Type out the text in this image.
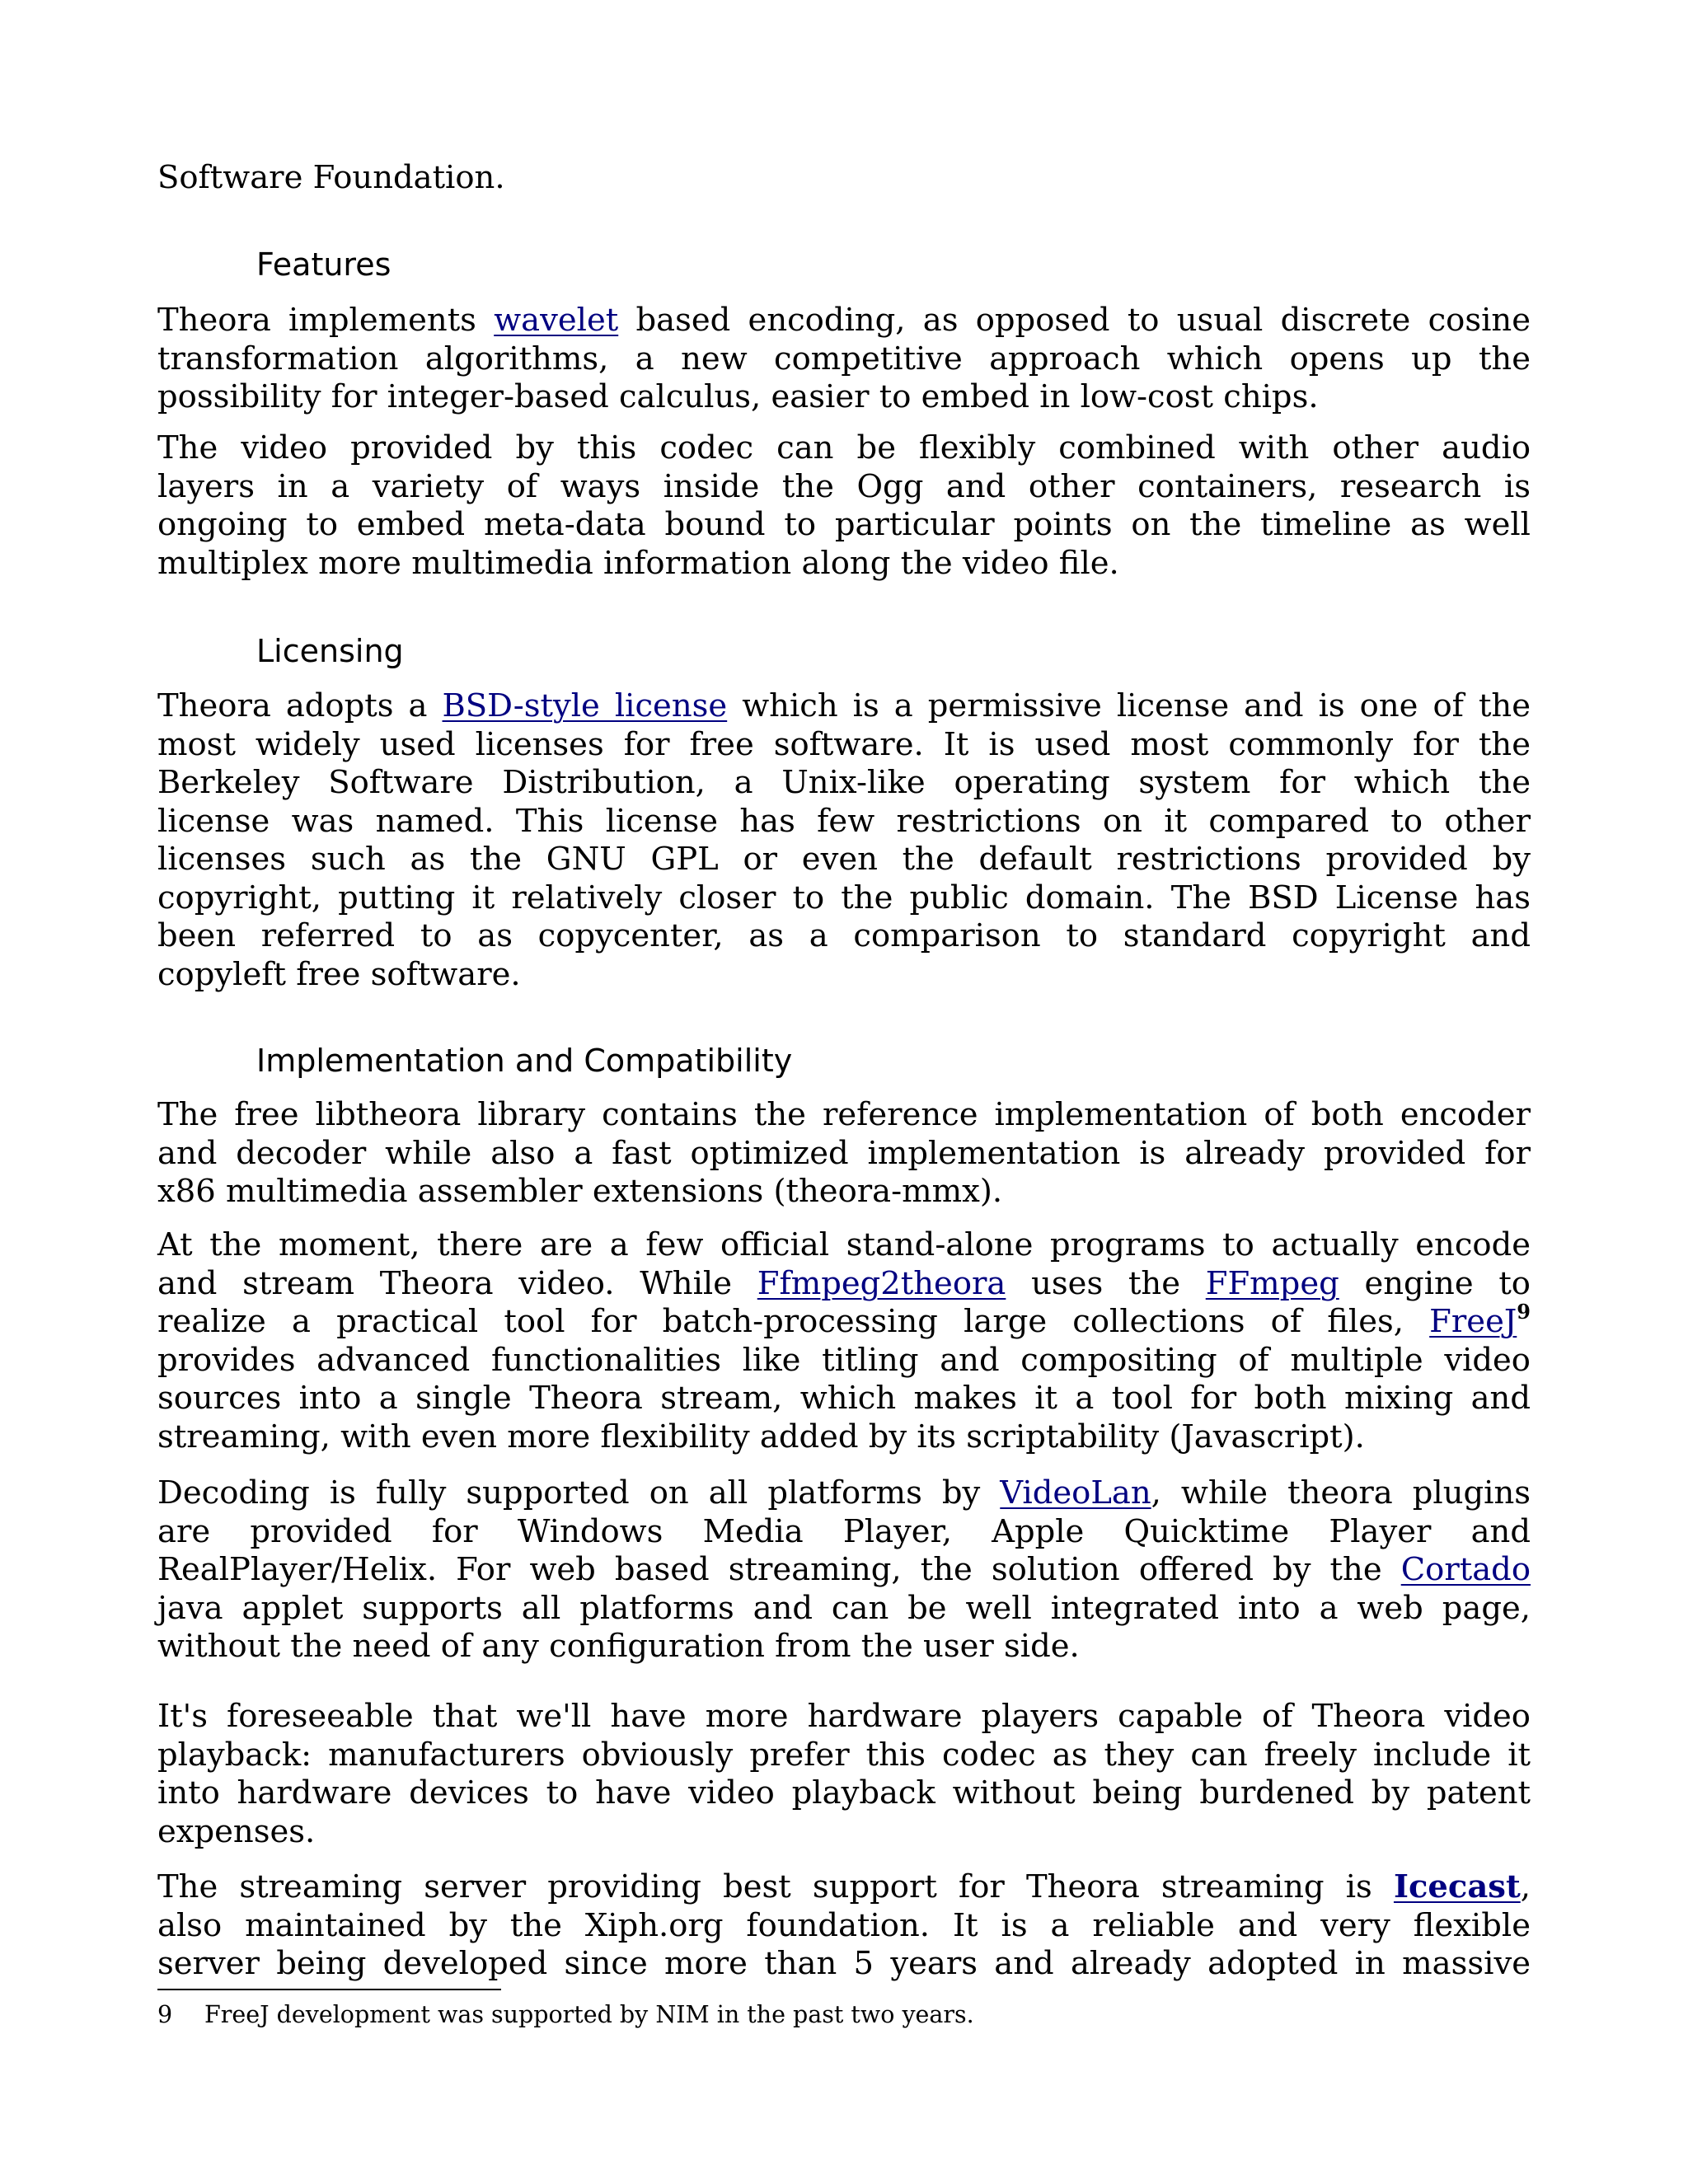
Software Foundation.
Features
Theora implements wavelet based encoding, as opposed to usual discrete cosine
transformation algorithms, a new competitive approach which opens up the
possibility for integer-based calculus, easier to embed in low-cost chips.
The video provided by this codec can be flexibly combined with other audio
layers in a variety of ways inside the Ogg and other containers, research is
ongoing to embed meta-data bound to particular points on the timeline as well
multiplex more multimedia information along the video file.
Licensing
Theora adopts a BSD-style license which is a permissive license and is one of the
most widely used licenses for free software. It is used most commonly for the
Berkeley Software Distribution, a Unix-like operating system for which the
license was named. This license has few restrictions on it compared to other
licenses such as the GNU GPL or even the default restrictions provided by
copyright, putting it relatively closer to the public domain. The BSD License has
been referred to as copycenter, as a comparison to standard copyright and
copyleft free software.
Implementation and Compatibility
The free libtheora library contains the reference implementation of both encoder
and decoder while also a fast optimized implementation is already provided for
x86 multimedia assembler extensions (theora-mmx).
At the moment, there are a few official stand-alone programs to actually encode
and stream Theora video. While Ffmpeg2theora uses the FFmpeg engine to
realize a practical tool for batch-processing large collections of files, FreeJ$^9$
provides advanced functionalities like titling and compositing of multiple video
sources into a single Theora stream, which makes it a tool for both mixing and
streaming, with even more flexibility added by its scriptability (Javascript).
Decoding is fully supported on all platforms by VideoLan, while theora plugins
are provided for Windows Media Player, Apple Quicktime Player and
RealPlayer/Helix. For web based streaming, the solution offered by the Cortado
java applet supports all platforms and can be well integrated into a web page,
without the need of any configuration from the user side.
It's foreseeable that we'll have more hardware players capable of Theora video
playback: manufacturers obviously prefer this codec as they can freely include it
into hardware devices to have video playback without being burdened by patent
expenses.
The streaming server providing best support for Theora streaming is Icecast,
also maintained by the Xiph.org foundation. It is a reliable and very flexible
server being developed since more than 5 years and already adopted in massive
9 FreeJ development was supported by NIM in the past two years.
